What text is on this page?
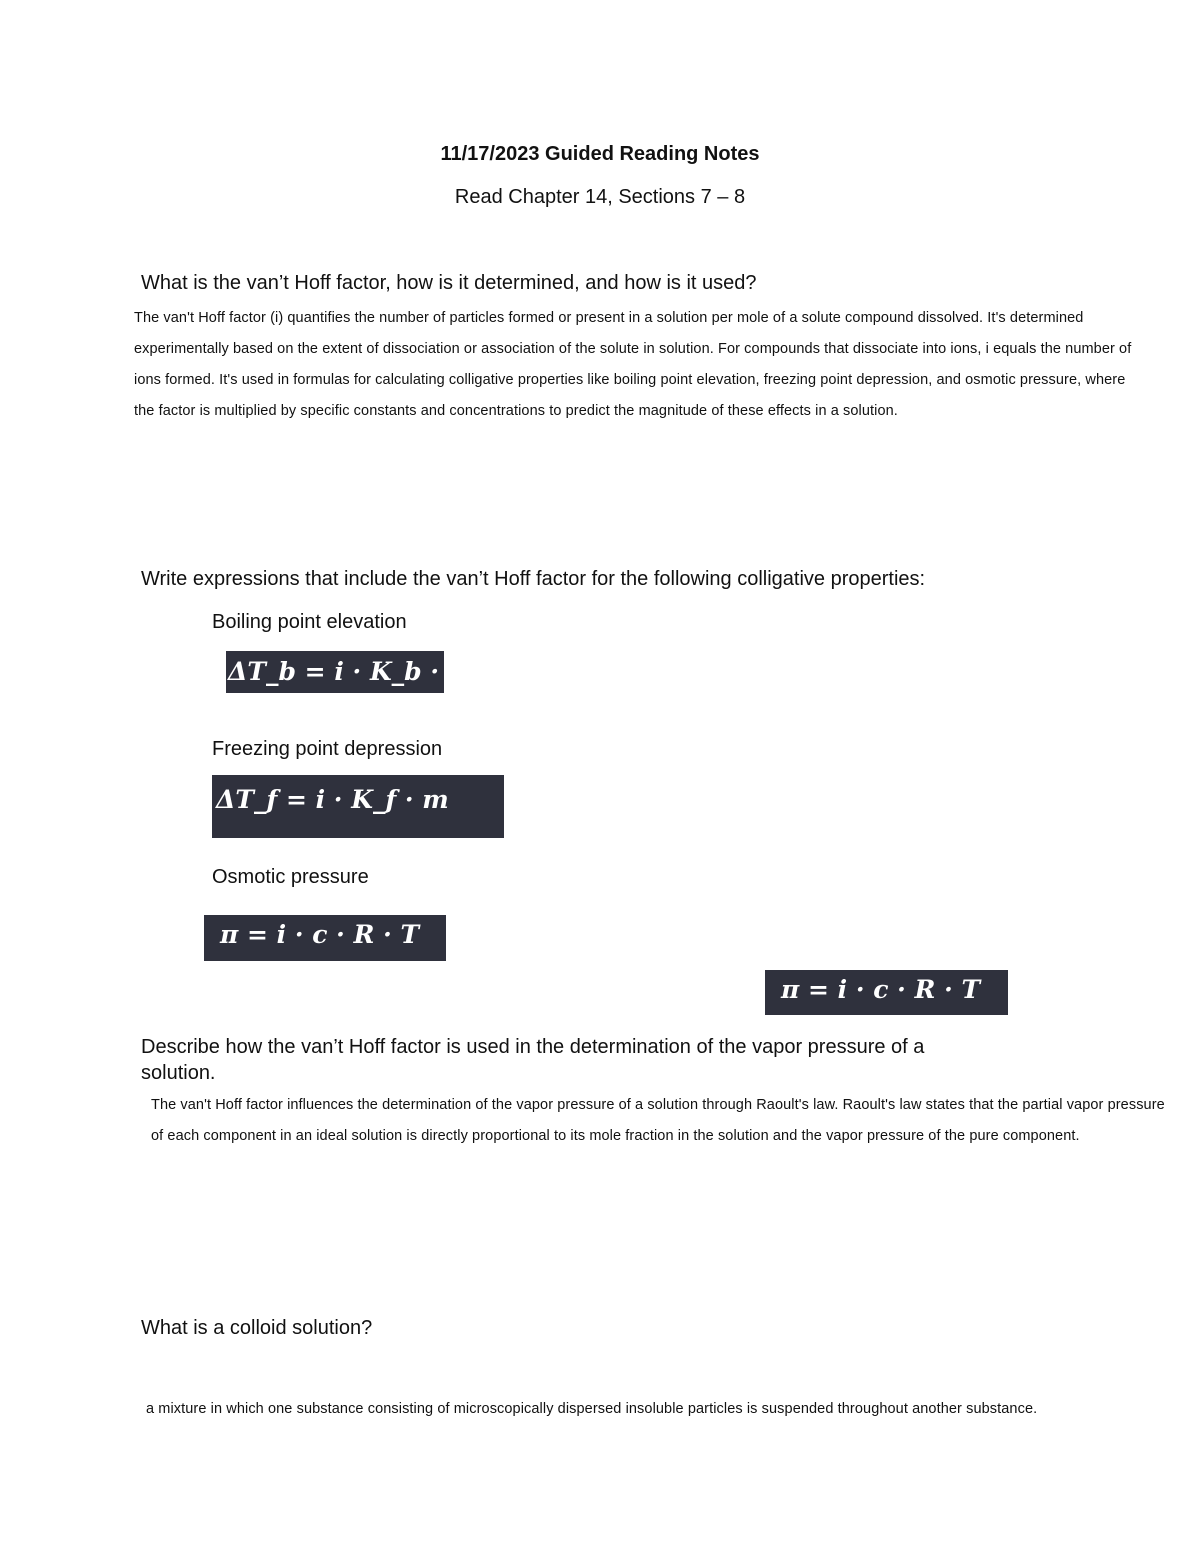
11/17/2023 Guided Reading Notes
Read Chapter 14, Sections 7 – 8
What is the van’t Hoff factor, how is it determined, and how is it used?
The van't Hoff factor (i) quantifies the number of particles formed or present in a solution per mole of a solute compound dissolved. It's determined experimentally based on the extent of dissociation or association of the solute in solution. For compounds that dissociate into ions, i equals the number of ions formed. It's used in formulas for calculating colligative properties like boiling point elevation, freezing point depression, and osmotic pressure, where the factor is multiplied by specific constants and concentrations to predict the magnitude of these effects in a solution.
Write expressions that include the van’t Hoff factor for the following colligative properties:
Boiling point elevation
ΔT_b = i · K_b · m
Freezing point depression
ΔT_f = i · K_f · m
Osmotic pressure
π = i · c · R · T
π = i · c · R · T
Describe how the van’t Hoff factor is used in the determination of the vapor pressure of a
solution.
The van't Hoff factor influences the determination of the vapor pressure of a solution through Raoult's law. Raoult's law states that the partial vapor pressure of each component in an ideal solution is directly proportional to its mole fraction in the solution and the vapor pressure of the pure component.
What is a colloid solution?
a mixture in which one substance consisting of microscopically dispersed insoluble particles is suspended throughout another substance.
